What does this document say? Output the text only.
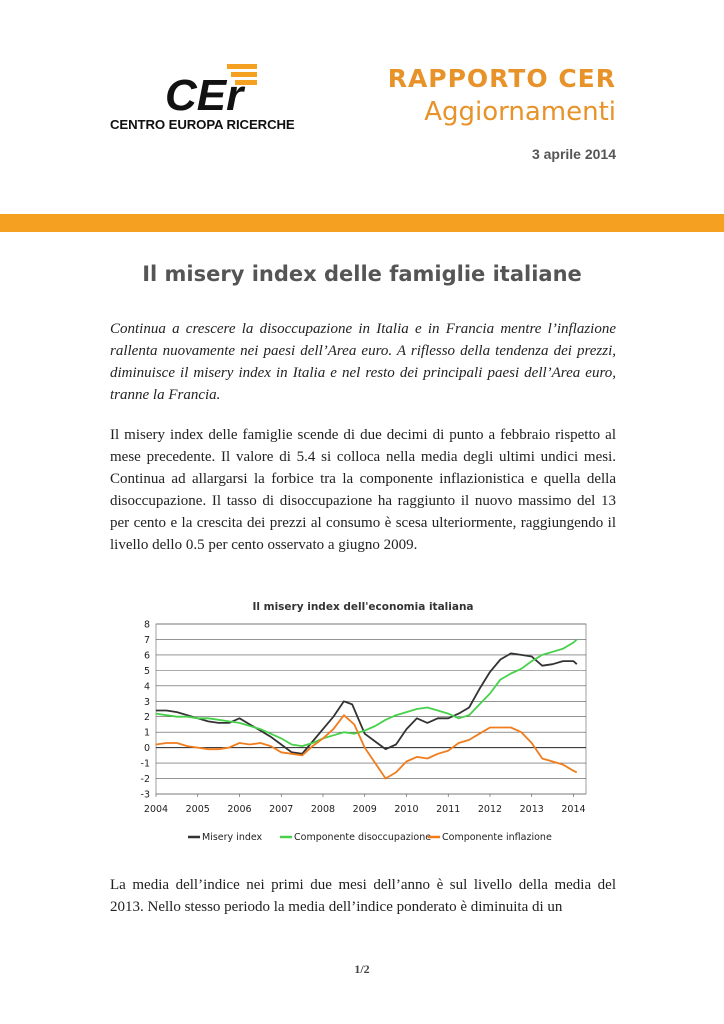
CEr
CENTRO EUROPA RICERCHE
RAPPORTO CER
Aggiornamenti
3 aprile 2014
Il misery index delle famiglie italiane
Continua a crescere la disoccupazione in Italia e in Francia mentre l’inflazione rallenta nuovamente nei paesi dell’Area euro. A riflesso della tendenza dei prezzi, diminuisce il misery index in Italia e nel resto dei principali paesi dell’Area euro, tranne la Francia.
Il misery index delle famiglie scende di due decimi di punto a febbraio rispetto al mese precedente. Il valore di 5.4 si colloca nella media degli ultimi undici mesi. Continua ad allargarsi la forbice tra la componente inflazionistica e quella della disoccupazione. Il tasso di disoccupazione ha raggiunto il nuovo massimo del 13 per cento e la crescita dei prezzi al consumo è scesa ulteriormente, raggiungendo il livello dello 0.5 per cento osservato a giugno 2009.
Il misery index dell'economia italiana
-3
-2
-1
0
1
2
3
4
5
6
7
8
2004 2005 2006 2007 2008 2009 2010 2011 2012 2013 2014
Misery index	Componente disoccupazione Componente inflazione
La media dell’indice nei primi due mesi dell’anno è sul livello della media del 2013. Nello stesso periodo la media dell’indice ponderato è diminuita di un
1/2
